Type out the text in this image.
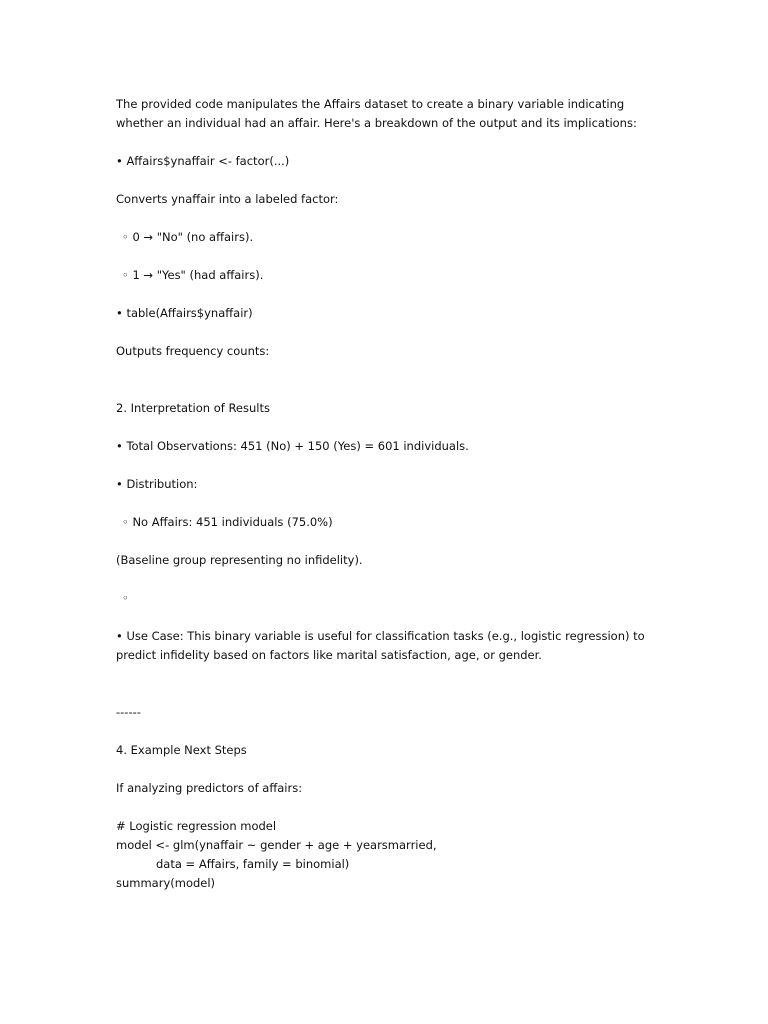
The provided code manipulates the Affairs dataset to create a binary variable indicating whether an individual had an affair. Here's a breakdown of the output and its implications:

• Affairs$ynaffair <- factor(...)

Converts ynaffair into a labeled factor:

◦ 0 → "No" (no affairs).

◦ 1 → "Yes" (had affairs).

• table(Affairs$ynaffair)

Outputs frequency counts:

2. Interpretation of Results

• Total Observations: 451 (No) + 150 (Yes) = 601 individuals.

• Distribution:

◦ No Affairs: 451 individuals (75.0%)

(Baseline group representing no infidelity).

◦

• Use Case: This binary variable is useful for classification tasks (e.g., logistic regression) to predict infidelity based on factors like marital satisfaction, age, or gender.

------

4. Example Next Steps

If analyzing predictors of affairs:

# Logistic regression model

model <- glm(ynaffair ~ gender + age + yearsmarried,

data = Affairs, family = binomial)

summary(model)
